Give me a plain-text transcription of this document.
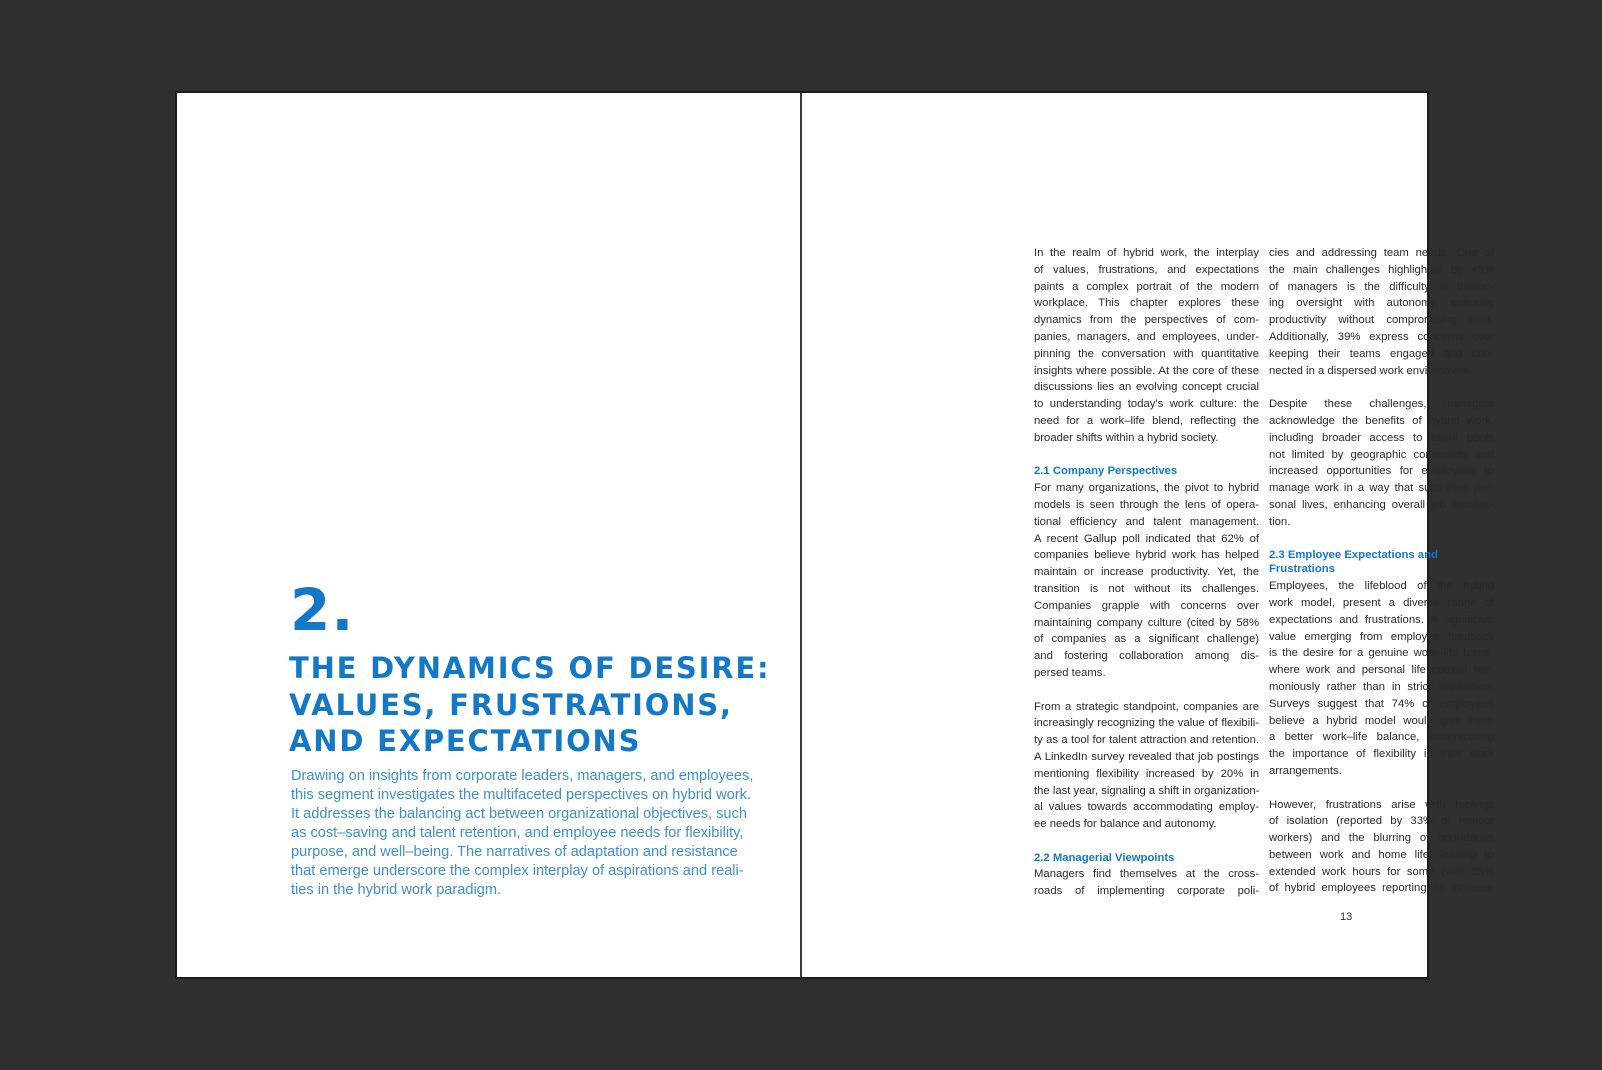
2.
THE DYNAMICS OF DESIRE:
VALUES, FRUSTRATIONS,
AND EXPECTATIONS
Drawing on insights from corporate leaders, managers, and employees,
this segment investigates the multifaceted perspectives on hybrid work.
It addresses the balancing act between organizational objectives, such
as cost–saving and talent retention, and employee needs for flexibility,
purpose, and well–being. The narratives of adaptation and resistance
that emerge underscore the complex interplay of aspirations and reali-
ties in the hybrid work paradigm.
In the realm of hybrid work, the interplay
of values, frustrations, and expectations
paints a complex portrait of the modern
workplace. This chapter explores these
dynamics from the perspectives of com-
panies, managers, and employees, under-
pinning the conversation with quantitative
insights where possible. At the core of these
discussions lies an evolving concept crucial
to understanding today's work culture: the
need for a work–life blend, reflecting the
broader shifts within a hybrid society.
2.1 Company Perspectives
For many organizations, the pivot to hybrid
models is seen through the lens of opera-
tional efficiency and talent management.
A recent Gallup poll indicated that 62% of
companies believe hybrid work has helped
maintain or increase productivity. Yet, the
transition is not without its challenges.
Companies grapple with concerns over
maintaining company culture (cited by 58%
of companies as a significant challenge)
and fostering collaboration among dis-
persed teams.
From a strategic standpoint, companies are
increasingly recognizing the value of flexibili-
ty as a tool for talent attraction and retention.
A LinkedIn survey revealed that job postings
mentioning flexibility increased by 20% in
the last year, signaling a shift in organization-
al values towards accommodating employ-
ee needs for balance and autonomy.
2.2 Managerial Viewpoints
Managers find themselves at the cross-
roads of implementing corporate poli-
cies and addressing team needs. One of
the main challenges highlighted by 45%
of managers is the difficulty in balanc-
ing oversight with autonomy, ensuring
productivity without compromising trust.
Additionally, 39% express concerns over
keeping their teams engaged and con-
nected in a dispersed work environment.
Despite these challenges, managers
acknowledge the benefits of hybrid work,
including broader access to talent pools
not limited by geographic constraints and
increased opportunities for employees to
manage work in a way that suits their per-
sonal lives, enhancing overall job satisfac-
tion.
2.3 Employee Expectations and
Frustrations
Employees, the lifeblood of the hybrid
work model, present a diverse range of
expectations and frustrations. A significant
value emerging from employee feedback
is the desire for a genuine work–life blend,
where work and personal life coexist har-
moniously rather than in strict separation.
Surveys suggest that 74% of employees
believe a hybrid model would give them
a better work–life balance, underscoring
the importance of flexibility in their work
arrangements.
However, frustrations arise with feelings
of isolation (reported by 33% of remote
workers) and the blurring of boundaries
between work and home life, leading to
extended work hours for some (with 25%
of hybrid employees reporting an increase
13
